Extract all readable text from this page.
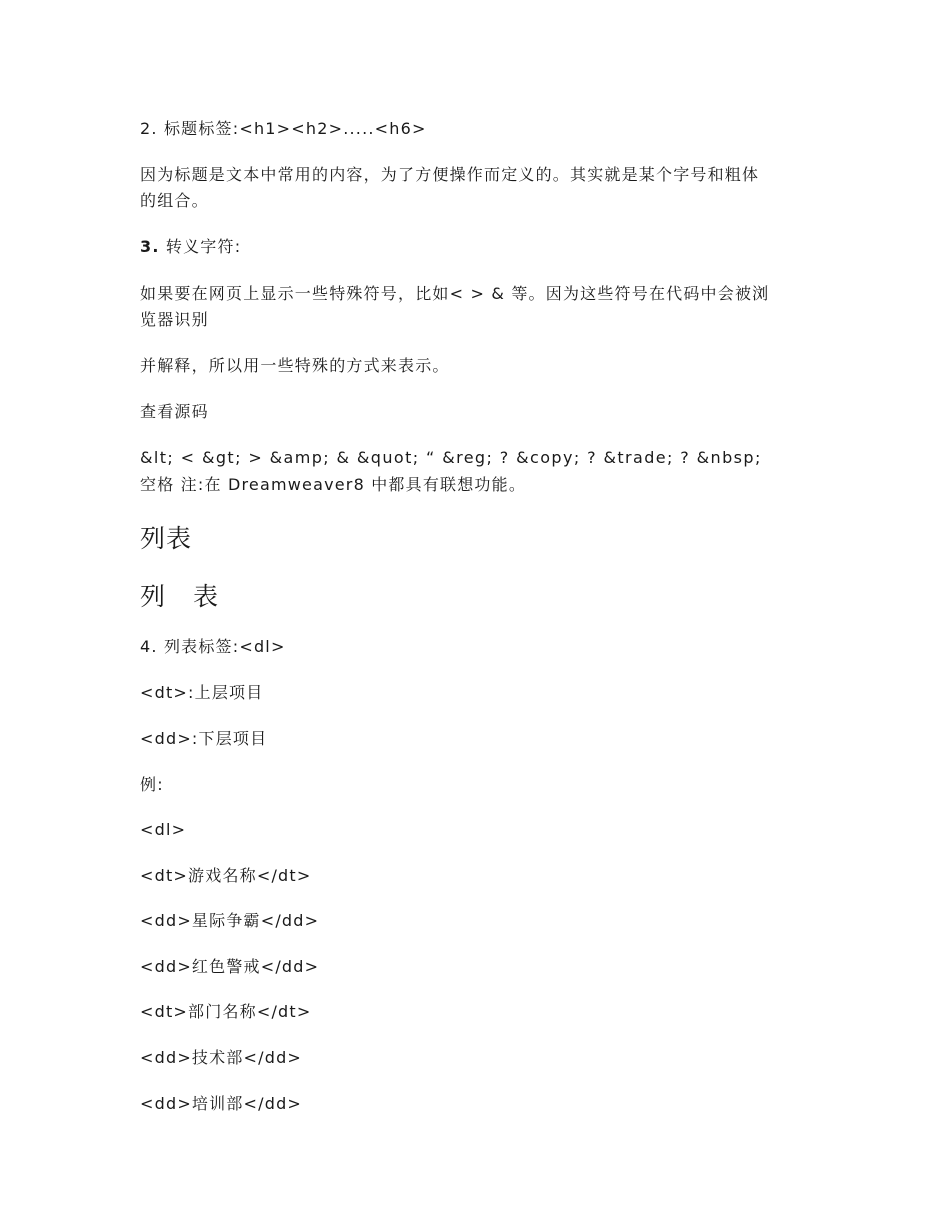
2. 标题标签:<h1><h2>.....<h6>
因为标题是文本中常用的内容，为了方便操作而定义的。其实就是某个字号和粗体
的组合。
3. 转义字符:
如果要在网页上显示一些特殊符号，比如< > & 等。因为这些符号在代码中会被浏
览器识别
并解释，所以用一些特殊的方式来表示。
查看源码
&lt; < &gt; > &amp; & &quot; “ &reg; ? &copy; ? &trade; ? &nbsp;
空格 注:在 Dreamweaver8 中都具有联想功能。
列表
列 表
4. 列表标签:<dl>
<dt>:上层项目
<dd>:下层项目
例:
<dl>
<dt>游戏名称</dt>
<dd>星际争霸</dd>
<dd>红色警戒</dd>
<dt>部门名称</dt>
<dd>技术部</dd>
<dd>培训部</dd>
